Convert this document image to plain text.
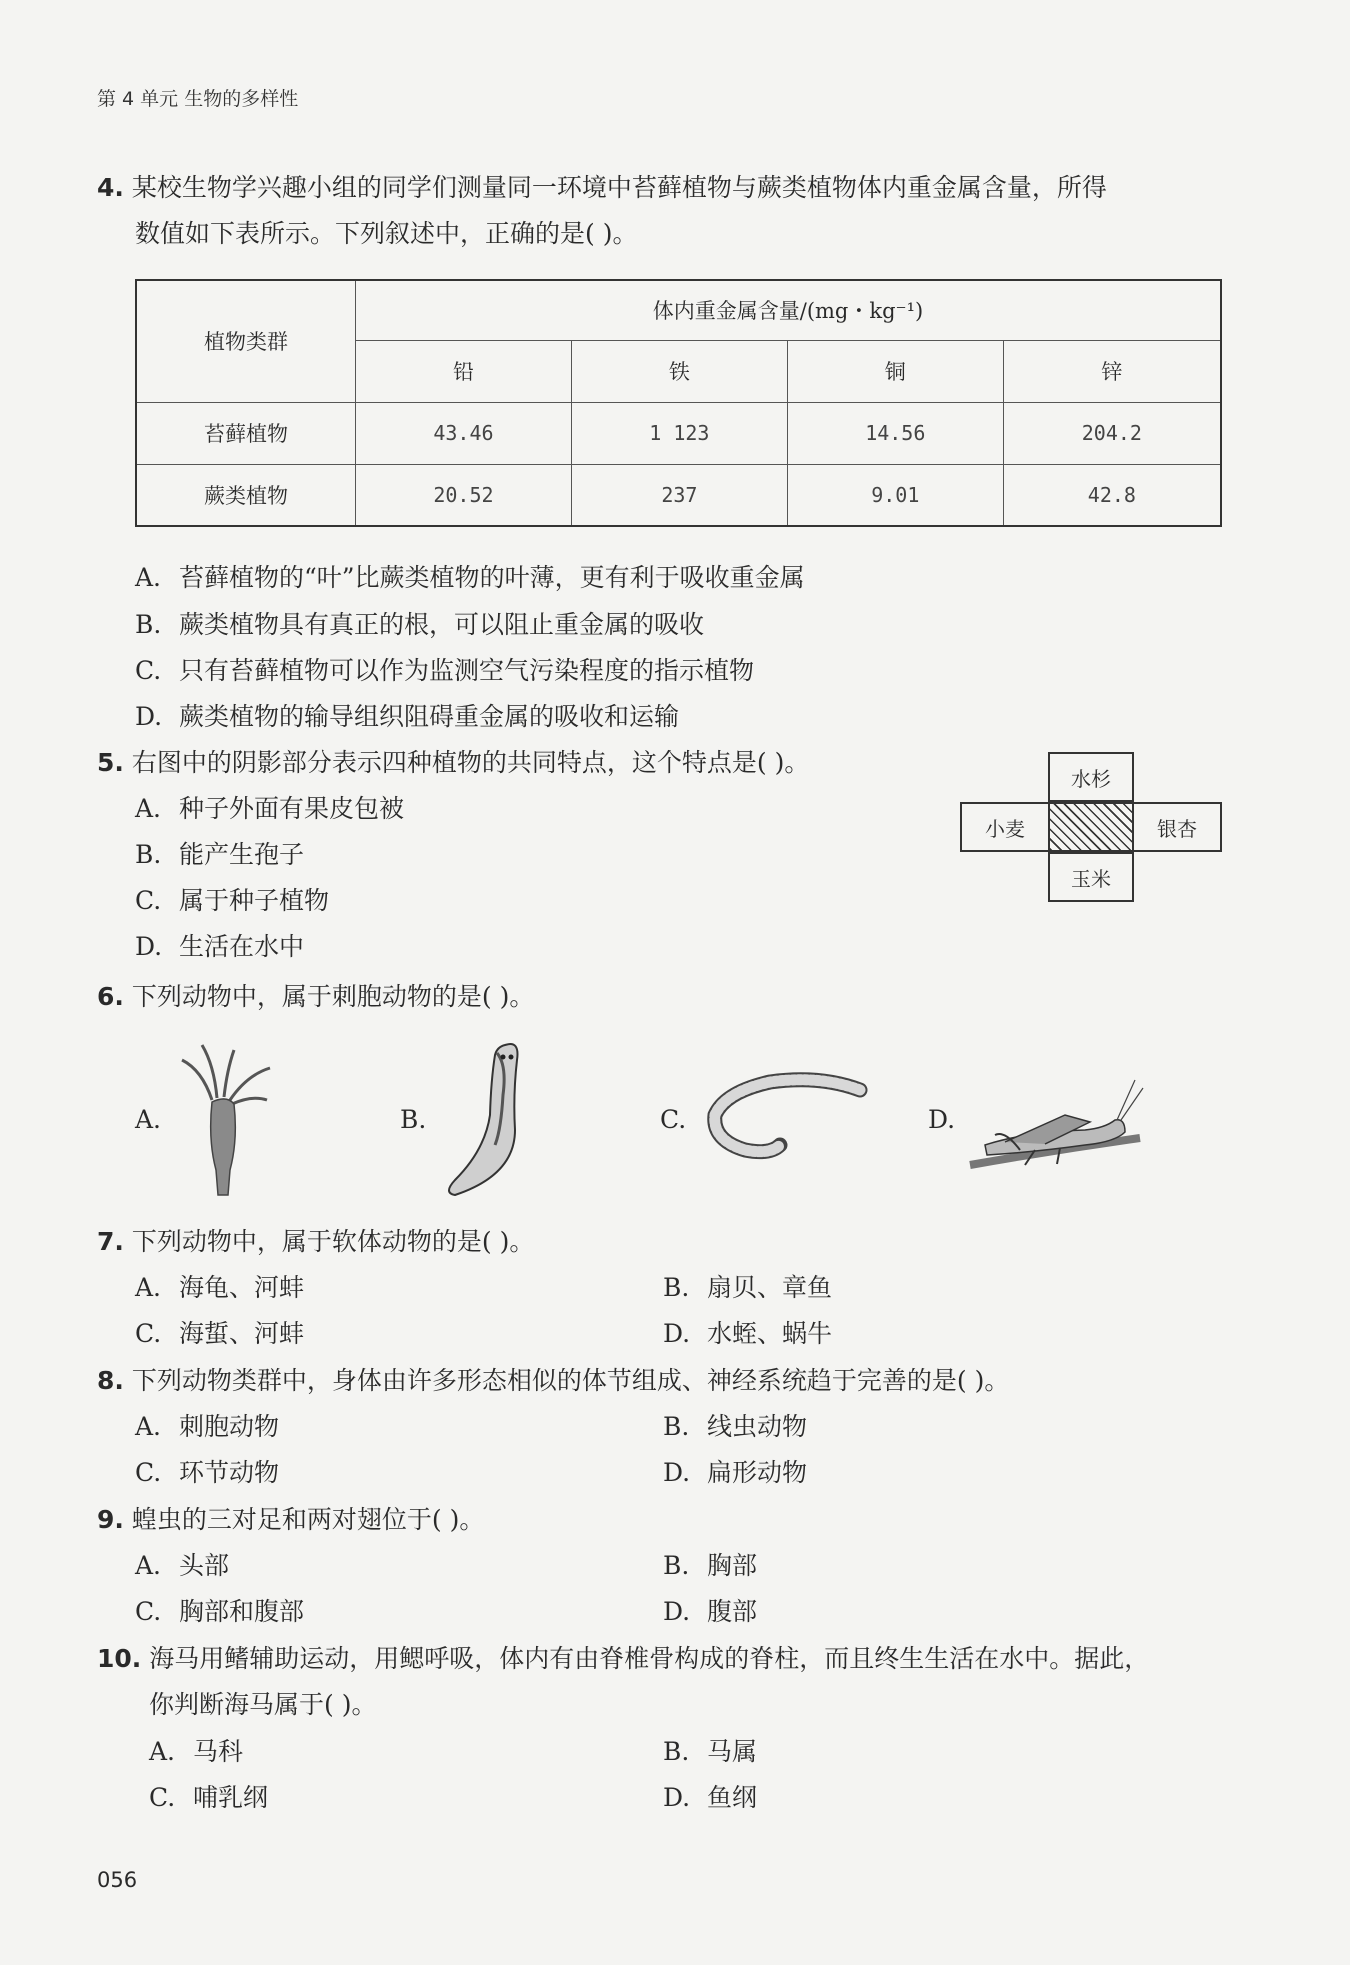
第 4 单元 生物的多样性
4. 某校生物学兴趣小组的同学们测量同一环境中苔藓植物与蕨类植物体内重金属含量，所得
数值如下表所示。下列叙述中，正确的是( )。
植物类群	体内重金属含量/(mg・kg⁻¹)			
	铅	铁	铜	锌
苔藓植物	43.46	1 123	14.56	204.2
蕨类植物	20.52	237	9.01	42.8
A. 苔藓植物的“叶”比蕨类植物的叶薄，更有利于吸收重金属
B. 蕨类植物具有真正的根，可以阻止重金属的吸收
C. 只有苔藓植物可以作为监测空气污染程度的指示植物
D. 蕨类植物的输导组织阻碍重金属的吸收和运输
5. 右图中的阴影部分表示四种植物的共同特点，这个特点是( )。
水杉
小麦	银杏
玉米
A. 种子外面有果皮包被
B. 能产生孢子
C. 属于种子植物
D. 生活在水中
6. 下列动物中，属于刺胞动物的是( )。
A.	B.	C.	D.
7. 下列动物中，属于软体动物的是( )。
A. 海龟、河蚌	B. 扇贝、章鱼
C. 海蜇、河蚌	D. 水蛭、蜗牛
8. 下列动物类群中，身体由许多形态相似的体节组成、神经系统趋于完善的是( )。
A. 刺胞动物	B. 线虫动物
C. 环节动物	D. 扁形动物
9. 蝗虫的三对足和两对翅位于( )。
A. 头部	B. 胸部
C. 胸部和腹部	D. 腹部
10. 海马用鳍辅助运动，用鳃呼吸，体内有由脊椎骨构成的脊柱，而且终生生活在水中。据此，
你判断海马属于( )。
A. 马科	B. 马属
C. 哺乳纲	D. 鱼纲
056
